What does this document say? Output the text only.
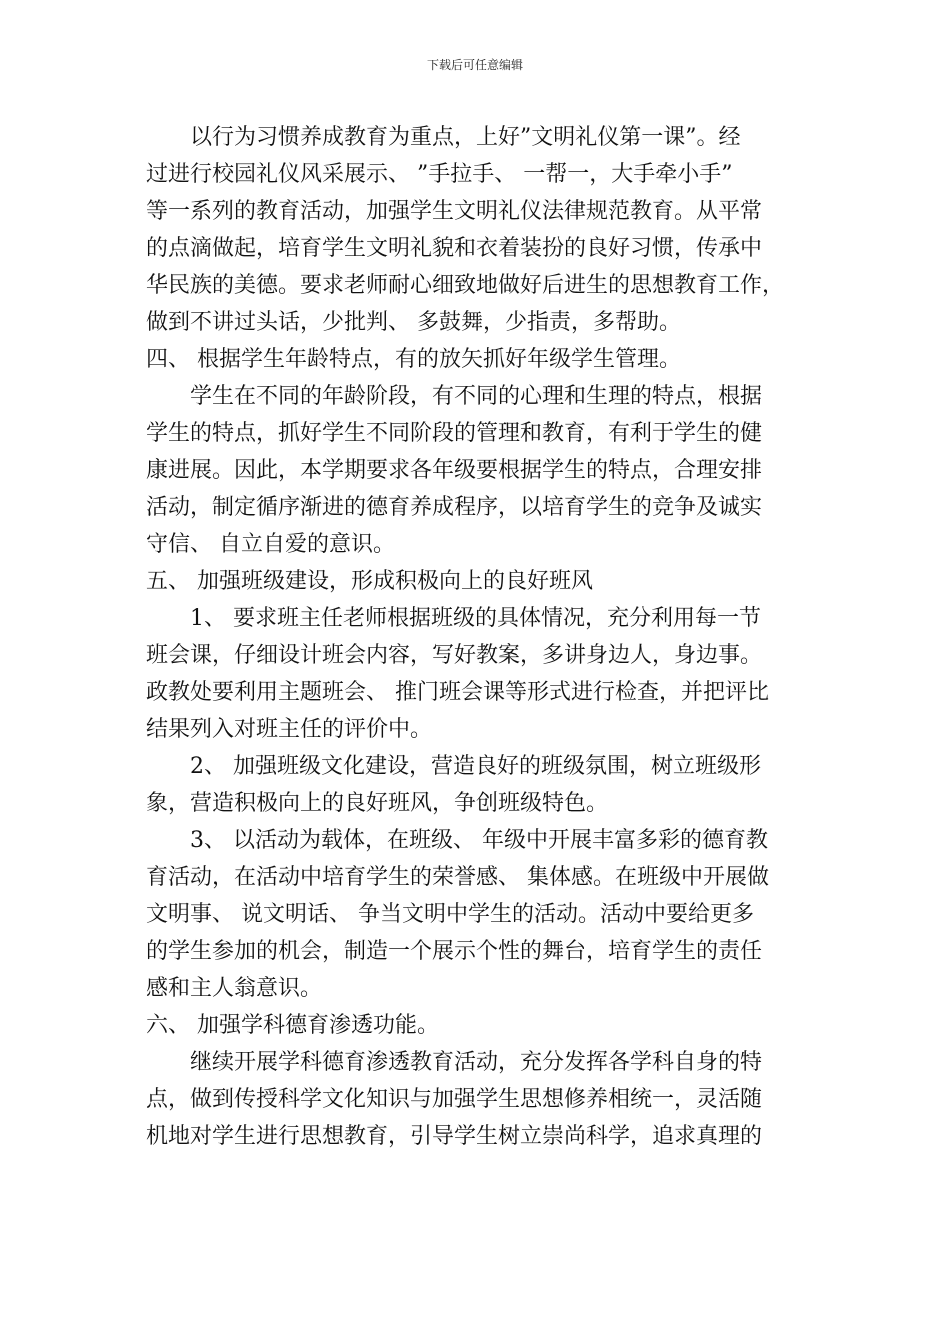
下载后可任意编辑
以行为习惯养成教育为重点，上好”文明礼仪第一课”。经
过进行校园礼仪风采展示、 ”手拉手、 一帮一，大手牵小手”
等一系列的教育活动，加强学生文明礼仪法律规范教育。从平常
的点滴做起，培育学生文明礼貌和衣着装扮的良好习惯，传承中
华民族的美德。要求老师耐心细致地做好后进生的思想教育工作，
做到不讲过头话，少批判、 多鼓舞，少指责，多帮助。
四、 根据学生年龄特点，有的放矢抓好年级学生管理。
学生在不同的年龄阶段，有不同的心理和生理的特点，根据
学生的特点，抓好学生不同阶段的管理和教育，有利于学生的健
康进展。因此，本学期要求各年级要根据学生的特点，合理安排
活动，制定循序渐进的德育养成程序，以培育学生的竞争及诚实
守信、 自立自爱的意识。
五、 加强班级建设，形成积极向上的良好班风
1、 要求班主任老师根据班级的具体情况，充分利用每一节
班会课，仔细设计班会内容，写好教案，多讲身边人，身边事。
政教处要利用主题班会、 推门班会课等形式进行检查，并把评比
结果列入对班主任的评价中。
2、 加强班级文化建设，营造良好的班级氛围，树立班级形
象，营造积极向上的良好班风，争创班级特色。
3、 以活动为载体，在班级、 年级中开展丰富多彩的德育教
育活动，在活动中培育学生的荣誉感、 集体感。在班级中开展做
文明事、 说文明话、 争当文明中学生的活动。活动中要给更多
的学生参加的机会，制造一个展示个性的舞台，培育学生的责任
感和主人翁意识。
六、 加强学科德育渗透功能。
继续开展学科德育渗透教育活动，充分发挥各学科自身的特
点，做到传授科学文化知识与加强学生思想修养相统一，灵活随
机地对学生进行思想教育，引导学生树立崇尚科学，追求真理的
